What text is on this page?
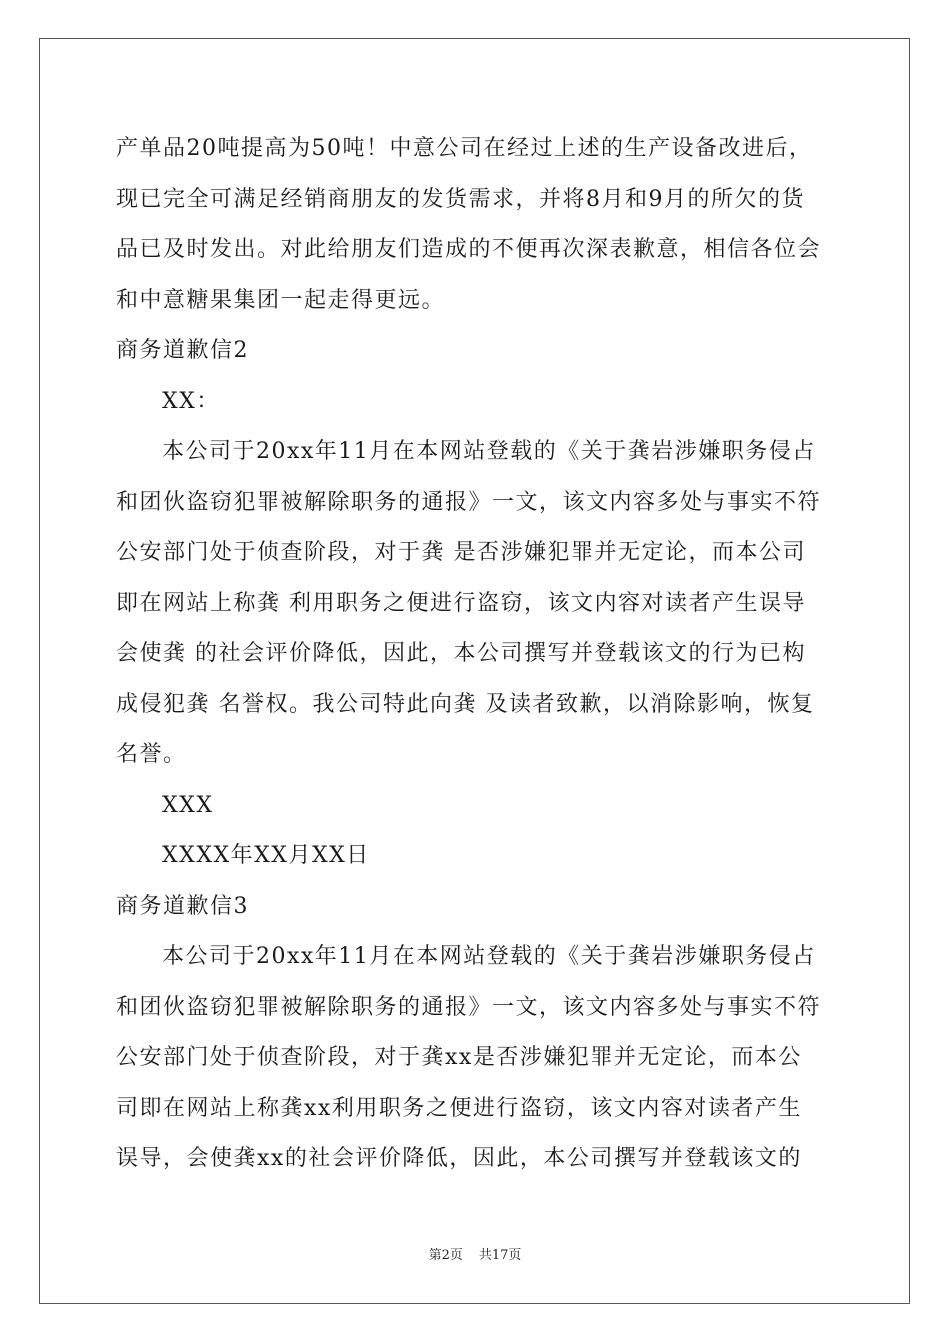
产单品20吨提高为50吨！中意公司在经过上述的生产设备改进后，
现已完全可满足经销商朋友的发货需求，并将8月和9月的所欠的货
品已及时发出。对此给朋友们造成的不便再次深表歉意，相信各位会
和中意糖果集团一起走得更远。
商务道歉信2
XX：
本公司于20xx年11月在本网站登载的《关于龚岩涉嫌职务侵占
和团伙盗窃犯罪被解除职务的通报》一文，该文内容多处与事实不符
公安部门处于侦查阶段，对于龚 是否涉嫌犯罪并无定论，而本公司
即在网站上称龚 利用职务之便进行盗窃，该文内容对读者产生误导
会使龚 的社会评价降低，因此，本公司撰写并登载该文的行为已构
成侵犯龚 名誉权。我公司特此向龚 及读者致歉，以消除影响，恢复
名誉。
XXX
XXXX年XX月XX日
商务道歉信3
本公司于20xx年11月在本网站登载的《关于龚岩涉嫌职务侵占
和团伙盗窃犯罪被解除职务的通报》一文，该文内容多处与事实不符
公安部门处于侦查阶段，对于龚xx是否涉嫌犯罪并无定论，而本公
司即在网站上称龚xx利用职务之便进行盗窃，该文内容对读者产生
误导，会使龚xx的社会评价降低，因此，本公司撰写并登载该文的
第2页 共17页
